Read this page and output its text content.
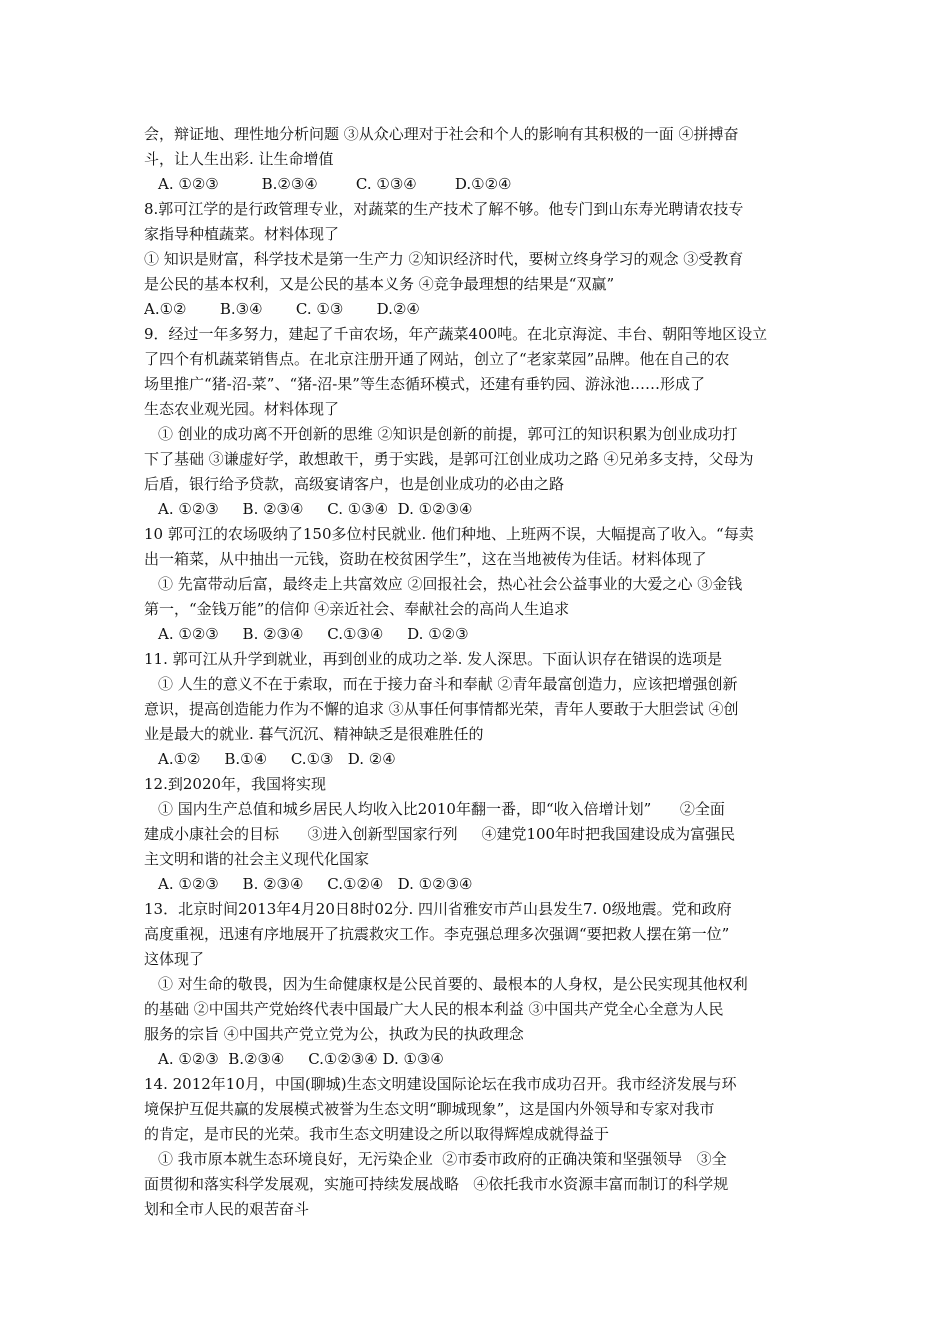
会，辩证地、理性地分析问题 ③从众心理对于社会和个人的影响有其积极的一面 ④拼搏奋
斗，让人生出彩. 让生命增值
A. ①②③         B.②③④        C. ①③④        D.①②④
8.郭可江学的是行政管理专业，对蔬菜的生产技术了解不够。他专门到山东寿光聘请农技专
家指导种植蔬菜。材料体现了
① 知识是财富，科学技术是第一生产力 ②知识经济时代，要树立终身学习的观念 ③受教育
是公民的基本权利，又是公民的基本义务 ④竞争最理想的结果是“双赢”
A.①②       B.③④       C. ①③       D.②④
9．经过一年多努力，建起了千亩农场，年产蔬菜400吨。在北京海淀、丰台、朝阳等地区设立
了四个有机蔬菜销售点。在北京注册开通了网站，创立了“老家菜园”品牌。他在自己的农
场里推广“猪-沼-菜”、“猪-沼-果”等生态循环模式，还建有垂钓园、游泳池……形成了
生态农业观光园。材料体现了
① 创业的成功离不开创新的思维 ②知识是创新的前提，郭可江的知识积累为创业成功打
下了基础 ③谦虚好学，敢想敢干，勇于实践，是郭可江创业成功之路 ④兄弟多支持，父母为
后盾，银行给予贷款，高级宴请客户，也是创业成功的必由之路
A. ①②③     B. ②③④     C. ①③④  D. ①②③④
10 郭可江的农场吸纳了150多位村民就业. 他们种地、上班两不误，大幅提高了收入。“每卖
出一箱菜，从中抽出一元钱，资助在校贫困学生”，这在当地被传为佳话。材料体现了
① 先富带动后富，最终走上共富效应 ②回报社会，热心社会公益事业的大爱之心 ③金钱
第一，“金钱万能”的信仰 ④亲近社会、奉献社会的高尚人生追求
A. ①②③     B. ②③④     C.①③④     D. ①②③
11. 郭可江从升学到就业，再到创业的成功之举. 发人深思。下面认识存在错误的选项是
① 人生的意义不在于索取，而在于接力奋斗和奉献 ②青年最富创造力，应该把增强创新
意识，提高创造能力作为不懈的追求 ③从事任何事情都光荣，青年人要敢于大胆尝试 ④创
业是最大的就业. 暮气沉沉、精神缺乏是很难胜任的
A.①②     B.①④     C.①③   D. ②④
12.到2020年，我国将实现
① 国内生产总值和城乡居民人均收入比2010年翻一番，即“收入倍增计划”      ②全面
建成小康社会的目标      ③进入创新型国家行列     ④建党100年时把我国建设成为富强民
主文明和谐的社会主义现代化国家
A. ①②③     B. ②③④     C.①②④   D. ①②③④
13．北京时间2013年4月20日8时02分. 四川省雅安市芦山县发生7. 0级地震。党和政府
高度重视，迅速有序地展开了抗震救灾工作。李克强总理多次强调“要把救人摆在第一位”
这体现了
① 对生命的敬畏，因为生命健康权是公民首要的、最根本的人身权，是公民实现其他权利
的基础 ②中国共产党始终代表中国最广大人民的根本利益 ③中国共产党全心全意为人民
服务的宗旨 ④中国共产党立党为公，执政为民的执政理念
A. ①②③  B.②③④     C.①②③④ D. ①③④
14. 2012年10月，中国(聊城)生态文明建设国际论坛在我市成功召开。我市经济发展与环
境保护互促共赢的发展模式被誉为生态文明“聊城现象”，这是国内外领导和专家对我市
的肯定，是市民的光荣。我市生态文明建设之所以取得辉煌成就得益于
① 我市原本就生态环境良好，无污染企业  ②市委市政府的正确决策和坚强领导   ③全
面贯彻和落实科学发展观，实施可持续发展战略   ④依托我市水资源丰富而制订的科学规
划和全市人民的艰苦奋斗
